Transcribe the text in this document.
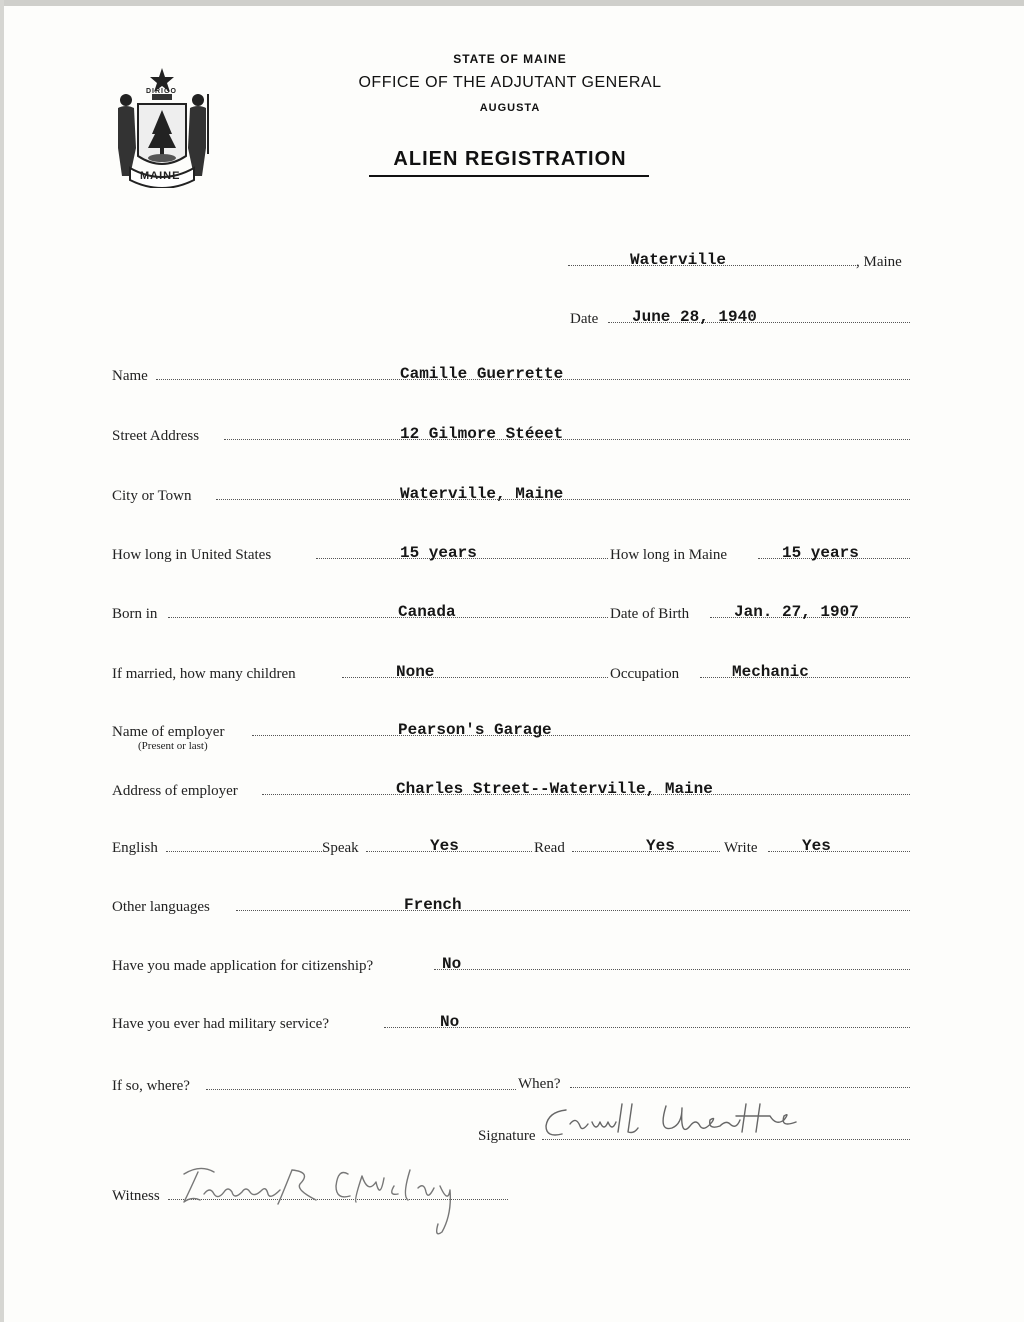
MAINE
DIRIGO
STATE OF MAINE
OFFICE OF THE ADJUTANT GENERAL
AUGUSTA
ALIEN REGISTRATION
Waterville	, Maine
Date June 28, 1940
Name	Camille Guerrette
Street Address	12 Gilmore Stéeet
City or Town	Waterville, Maine
How long in United States	15 years	How long in Maine	15 years
Born in	Canada	Date of Birth	Jan. 27, 1907
If married, how many children	None	Occupation	Mechanic
Name of employer
(Present or last)
Pearson's Garage
Address of employer	Charles Street--Waterville, Maine
English	Speak	Yes	Read	Yes	Write	Yes
Other languages	French
Have you made application for citizenship?	No
Have you ever had military service?	No
If so, where?	When?
Signature
Witness
